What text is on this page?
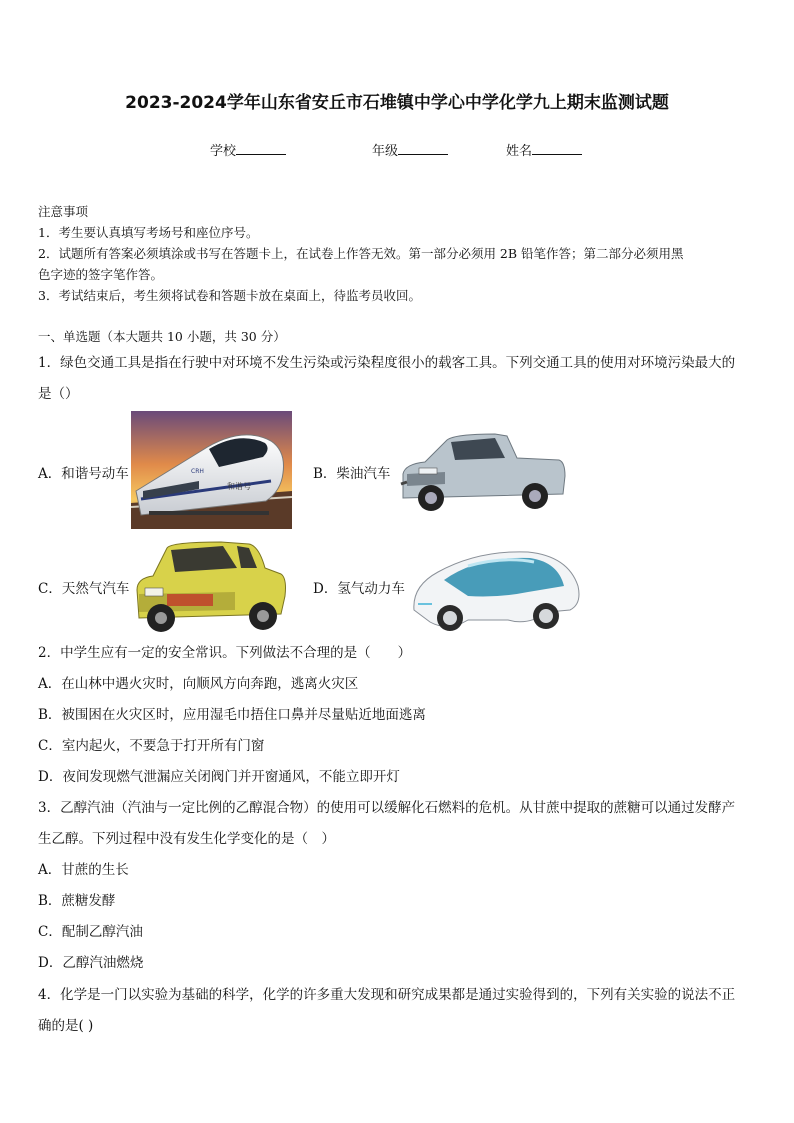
2023-2024学年山东省安丘市石堆镇中学心中学化学九上期末监测试题
学校	年级	姓名
注意事项
1．考生要认真填写考场号和座位序号。
2．试题所有答案必须填涂或书写在答题卡上，在试卷上作答无效。第一部分必须用 2B 铅笔作答；第二部分必须用黑
色字迹的签字笔作答。
3．考试结束后，考生须将试卷和答题卡放在桌面上，待监考员收回。
一、单选题（本大题共 10 小题，共 30 分）
1．绿色交通工具是指在行驶中对环境不发生污染或污染程度很小的载客工具。下列交通工具的使用对环境污染最大的
是（）
A．和谐号动车
和谐号
CRH	B．柴油汽车
C．天然气汽车	D．氢气动力车
2．中学生应有一定的安全常识。下列做法不合理的是（　　）
A．在山林中遇火灾时，向顺风方向奔跑，逃离火灾区
B．被围困在火灾区时，应用湿毛巾捂住口鼻并尽量贴近地面逃离
C．室内起火，不要急于打开所有门窗
D．夜间发现燃气泄漏应关闭阀门并开窗通风，不能立即开灯
3．乙醇汽油（汽油与一定比例的乙醇混合物）的使用可以缓解化石燃料的危机。从甘蔗中提取的蔗糖可以通过发酵产
生乙醇。下列过程中没有发生化学变化的是（　）
A．甘蔗的生长
B．蔗糖发酵
C．配制乙醇汽油
D．乙醇汽油燃烧
4．化学是一门以实验为基础的科学，化学的许多重大发现和研究成果都是通过实验得到的，下列有关实验的说法不正
确的是( )
